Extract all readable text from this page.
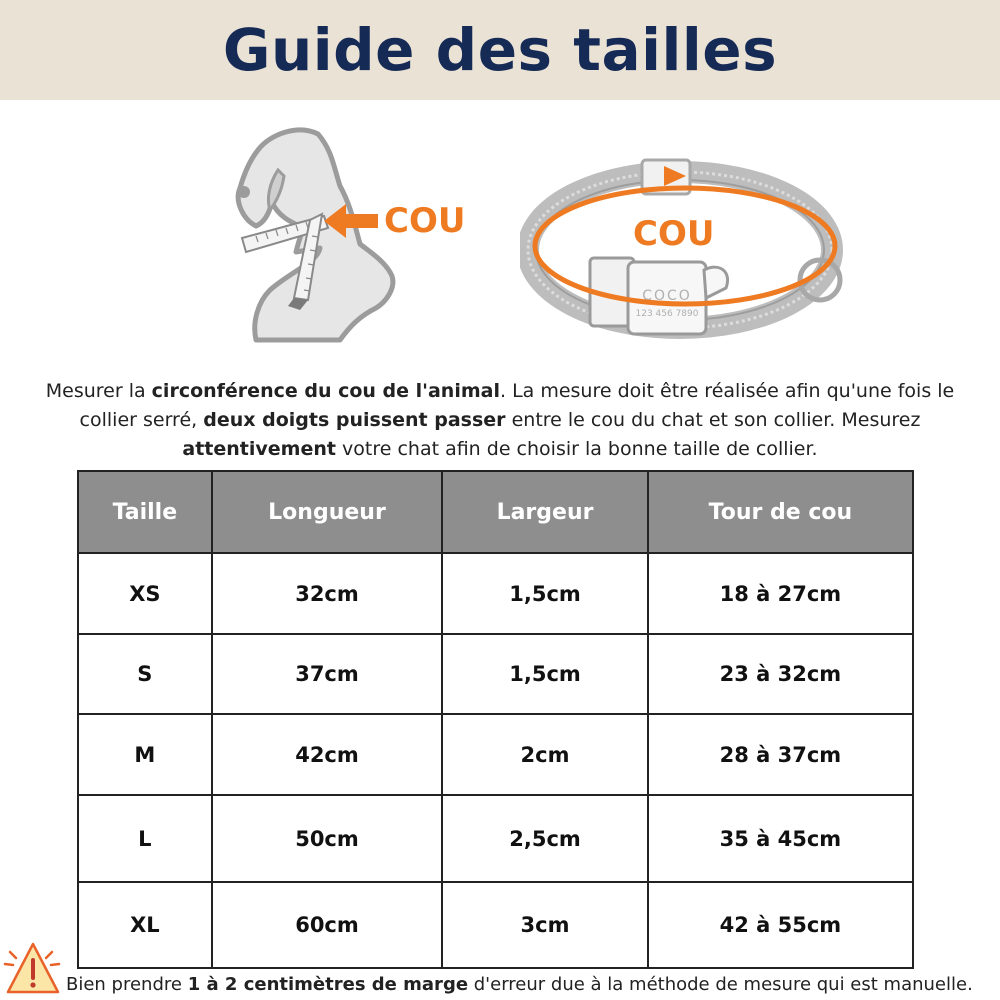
Guide des tailles
COU
COCO
123 456 7890
COU

Mesurer la circonférence du cou de l'animal. La mesure doit être réalisée afin qu'une fois le collier serré, deux doigts puissent passer entre le cou du chat et son collier. Mesurez attentivement votre chat afin de choisir la bonne taille de collier.

Taille	Longueur	Largeur	Tour de cou
XS	32cm	1,5cm	18 à 27cm
S	37cm	1,5cm	23 à 32cm
M	42cm	2cm	28 à 37cm
L	50cm	2,5cm	35 à 45cm
XL	60cm	3cm	42 à 55cm

Bien prendre 1 à 2 centimètres de marge d'erreur due à la méthode de mesure qui est manuelle.
